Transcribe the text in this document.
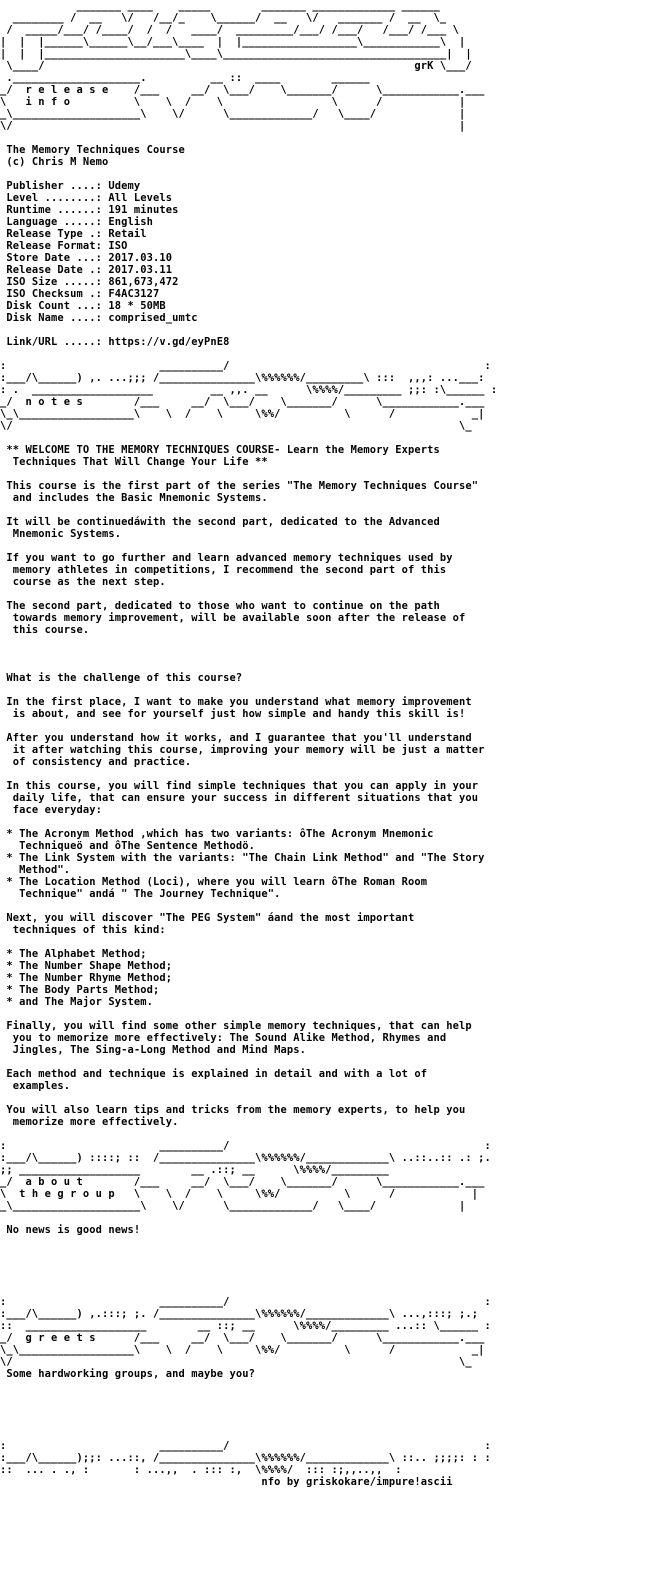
_______ ____    _____        _______ _____________ ______
________ /  __   \/   /__/_    \______/  __   \/   _______ /  __  \_
/  _____/___/ /____/  /  /   ____/  _________/___/ /___/   /___/ /___ \
|  |  |______\______\__/___\____  |  |__________________\____________\  |
|  |  |______________________\____\___________________________________|  |
\____/                                                          grK \___/
.____________________.          __ ::  ____        ______
_/  r e l e a s e    /___     __/  \___/    \_______/      \____________.___
\   i n f o          \    \  /    \                 \      /            |
_\____________________\    \/      \_____________/   \____/             |
\/                                                                      |

The Memory Techniques Course
(c) Chris M Nemo

Publisher ....: Udemy
Level ........: All Levels
Runtime ......: 191 minutes
Language .....: English
Release Type .: Retail
Release Format: ISO
Store Date ...: 2017.03.10
Release Date .: 2017.03.11
ISO Size .....: 861,673,472
ISO Checksum .: F4AC3127
Disk Count ...: 18 * 50MB
Disk Name ....: comprised_umtc

Link/URL .....: https://v.gd/eyPnE8

:                        __________/                                        :
:___/\______) ,. ...;;; /_______________\%%%%%%/_________\ :::  ,,,: ...___:
: .  ___________________         __ ,,. __      \%%%%/_________ ;;: :\______ :
_/  n o t e s        /___     __/  \___/    \_______/      \____________.___
\_\__________________\    \  /    \     \%%/          \      /            _|
\/                                                                      \_

** WELCOME TO THE MEMORY TECHNIQUES COURSE- Learn the Memory Experts
Techniques That Will Change Your Life **

This course is the first part of the series "The Memory Techniques Course"
and includes the Basic Mnemonic Systems.

It will be continuedáwith the second part, dedicated to the Advanced
Mnemonic Systems.

If you want to go further and learn advanced memory techniques used by
memory athletes in competitions, I recommend the second part of this
course as the next step.

The second part, dedicated to those who want to continue on the path
towards memory improvement, will be available soon after the release of
this course.

What is the challenge of this course?

In the first place, I want to make you understand what memory improvement
is about, and see for yourself just how simple and handy this skill is!

After you understand how it works, and I guarantee that you'll understand
it after watching this course, improving your memory will be just a matter
of consistency and practice.

In this course, you will find simple techniques that you can apply in your
daily life, that can ensure your success in different situations that you
face everyday:

* The Acronym Method ,which has two variants: ôThe Acronym Mnemonic
Techniqueö and ôThe Sentence Methodö.
* The Link System with the variants: "The Chain Link Method" and "The Story
Method".
* The Location Method (Loci), where you will learn ôThe Roman Room
Technique" andá " The Journey Technique".

Next, you will discover "The PEG System" áand the most important
techniques of this kind:

* The Alphabet Method;
* The Number Shape Method;
* The Number Rhyme Method;
* The Body Parts Method;
* and The Major System.

Finally, you will find some other simple memory techniques, that can help
you to memorize more effectively: The Sound Alike Method, Rhymes and
Jingles, The Sing-a-Long Method and Mind Maps.

Each method and technique is explained in detail and with a lot of
examples.

You will also learn tips and tricks from the memory experts, to help you
memorize more effectively.

:                        __________/                                        :
:___/\______) ::::; ::  /_______________\%%%%%%/_____________\ ..::..:: .: ;.
;; ___________________        __ .::; __      \%%%%/_________
_/  a b o u t        /___     __/  \___/    \_______/      \____________.___
\  t h e g r o u p   \    \  /    \     \%%/          \      /            |
_\____________________\    \/      \_____________/   \____/             |

No news is good news!

:                        __________/                                        :
:___/\______) ,.:::; ;. /_______________\%%%%%%/_____________\ ...,:::; ;.;
::  ___________________        __ ::; __      \%%%%/_________ ...:: \______ :
_/  g r e e t s      /___     __/  \___/    \_______/      \____________.___
\_\__________________\    \  /    \     \%%/          \      /            _|
\/                                                                      \_
Some hardworking groups, and maybe you?

:                        __________/                                        :
:___/\______);;: ...::, /_______________\%%%%%%/_____________\ ::.. ;;;;: : :
::  ... . ., :       : ...,,  . ::: :,  \%%%%/  ::: :;,,..,,  :
nfo by griskokare/impure!ascii
